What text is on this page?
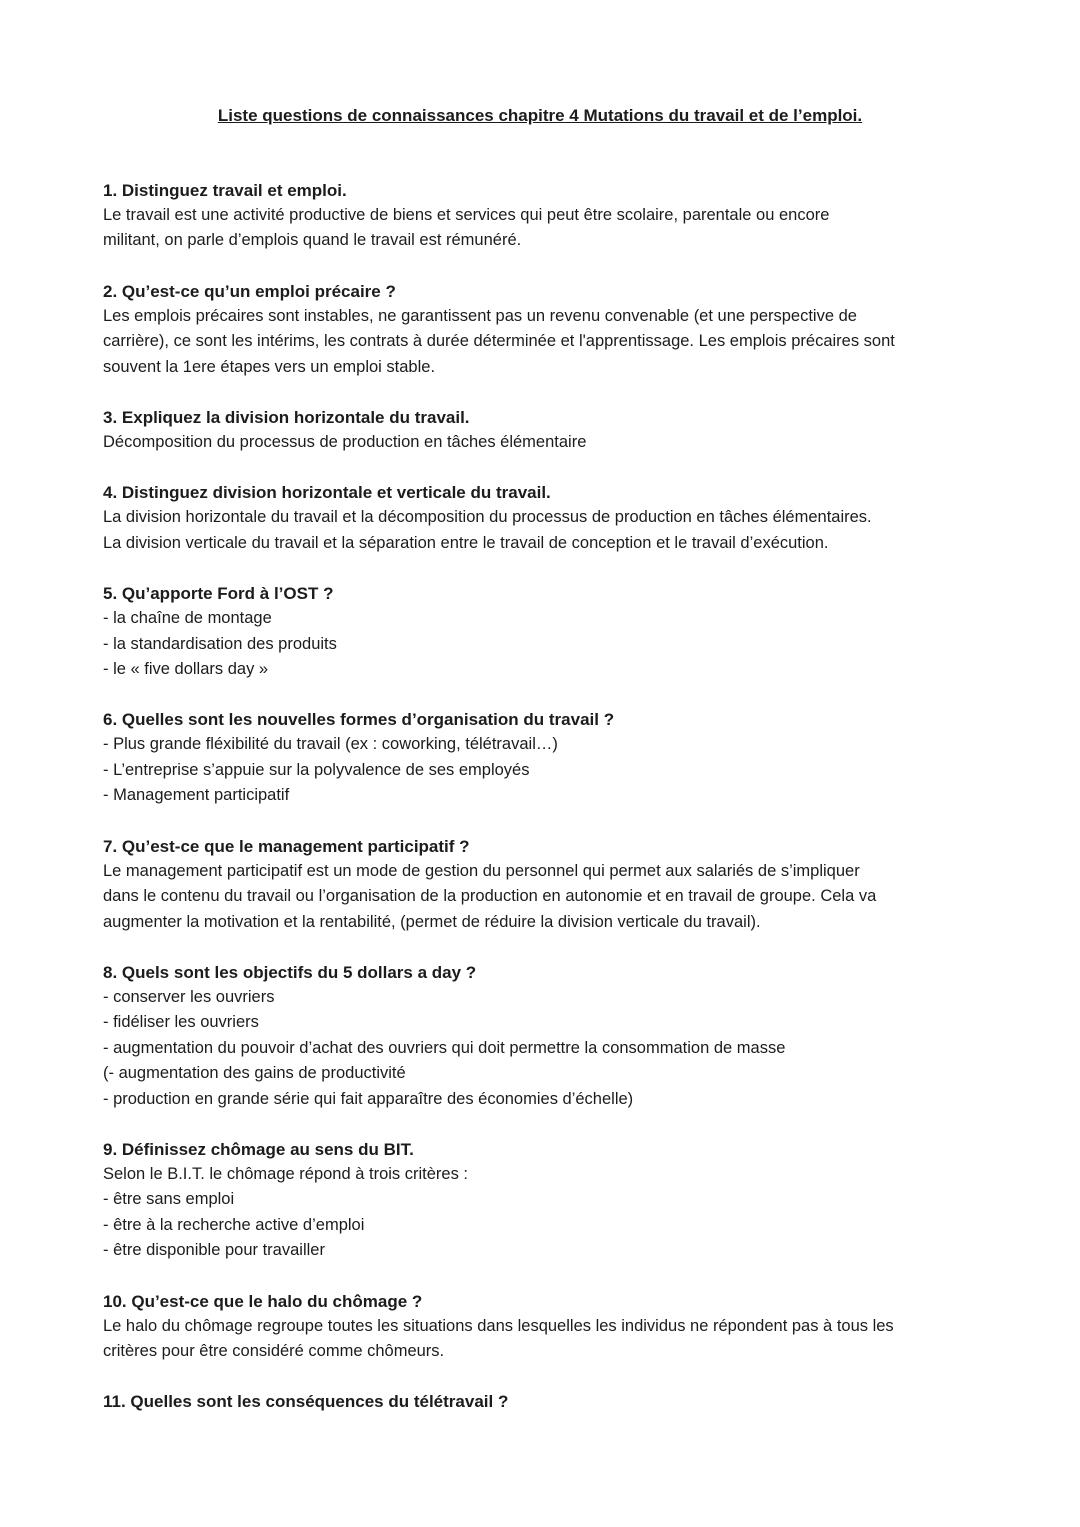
Liste questions de connaissances chapitre 4 Mutations du travail et de l’emploi.
1. Distinguez travail et emploi.
Le travail est une activité productive de biens et services qui peut être scolaire, parentale ou encore
militant, on parle d’emplois quand le travail est rémunéré.
2. Qu’est-ce qu’un emploi précaire ?
Les emplois précaires sont instables, ne garantissent pas un revenu convenable (et une perspective de
carrière), ce sont les intérims, les contrats à durée déterminée et l'apprentissage. Les emplois précaires sont
souvent la 1ere étapes vers un emploi stable.
3. Expliquez la division horizontale du travail.
Décomposition du processus de production en tâches élémentaire
4. Distinguez division horizontale et verticale du travail.
La division horizontale du travail et la décomposition du processus de production en tâches élémentaires.
La division verticale du travail et la séparation entre le travail de conception et le travail d’exécution.
5. Qu’apporte Ford à l’OST ?
- la chaîne de montage
- la standardisation des produits
- le « five dollars day »
6. Quelles sont les nouvelles formes d’organisation du travail ?
- Plus grande fléxibilité du travail (ex : coworking, télétravail…)
- L’entreprise s’appuie sur la polyvalence de ses employés
- Management participatif
7. Qu’est-ce que le management participatif ?
Le management participatif est un mode de gestion du personnel qui permet aux salariés de s’impliquer
dans le contenu du travail ou l’organisation de la production en autonomie et en travail de groupe. Cela va
augmenter la motivation et la rentabilité, (permet de réduire la division verticale du travail).
8. Quels sont les objectifs du 5 dollars a day ?
- conserver les ouvriers
- fidéliser les ouvriers
- augmentation du pouvoir d’achat des ouvriers qui doit permettre la consommation de masse
(- augmentation des gains de productivité
- production en grande série qui fait apparaître des économies d’échelle)
9. Définissez chômage au sens du BIT.
Selon le B.I.T. le chômage répond à trois critères :
- être sans emploi
- être à la recherche active d’emploi
- être disponible pour travailler
10. Qu’est-ce que le halo du chômage ?
Le halo du chômage regroupe toutes les situations dans lesquelles les individus ne répondent pas à tous les
critères pour être considéré comme chômeurs.
11. Quelles sont les conséquences du télétravail ?
